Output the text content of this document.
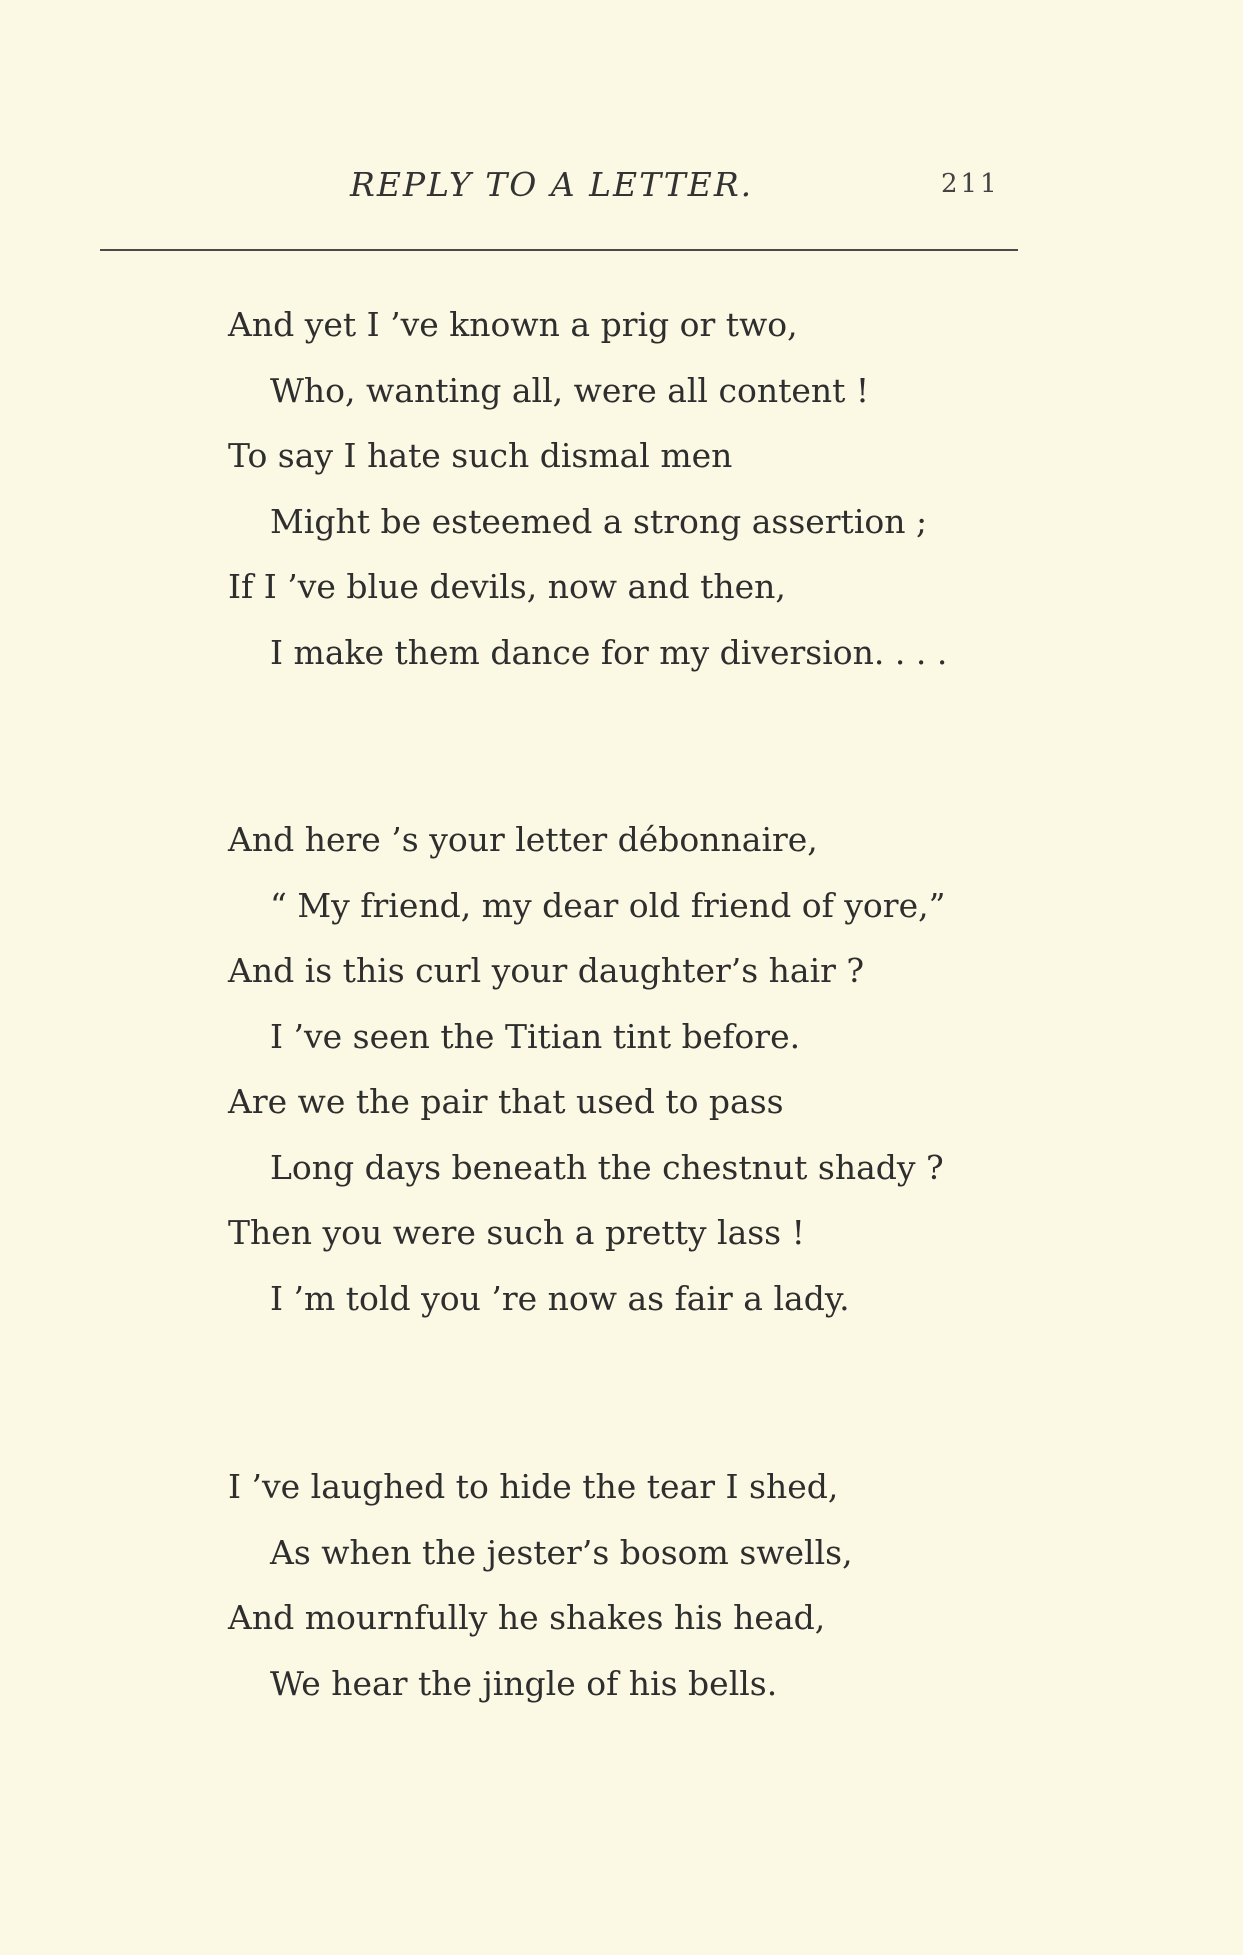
REPLY TO A LETTER.	211
And yet I ’ve known a prig or two,
Who, wanting all, were all content !
To say I hate such dismal men
Might be esteemed a strong assertion ;
If I ’ve blue devils, now and then,
I make them dance for my diversion. . . .
And here ’s your letter débonnaire,
“ My friend, my dear old friend of yore,”
And is this curl your daughter’s hair ?
I ’ve seen the Titian tint before.
Are we the pair that used to pass
Long days beneath the chestnut shady ?
Then you were such a pretty lass !
I ’m told you ’re now as fair a lady.
I ’ve laughed to hide the tear I shed,
As when the jester’s bosom swells,
And mournfully he shakes his head,
We hear the jingle of his bells.
